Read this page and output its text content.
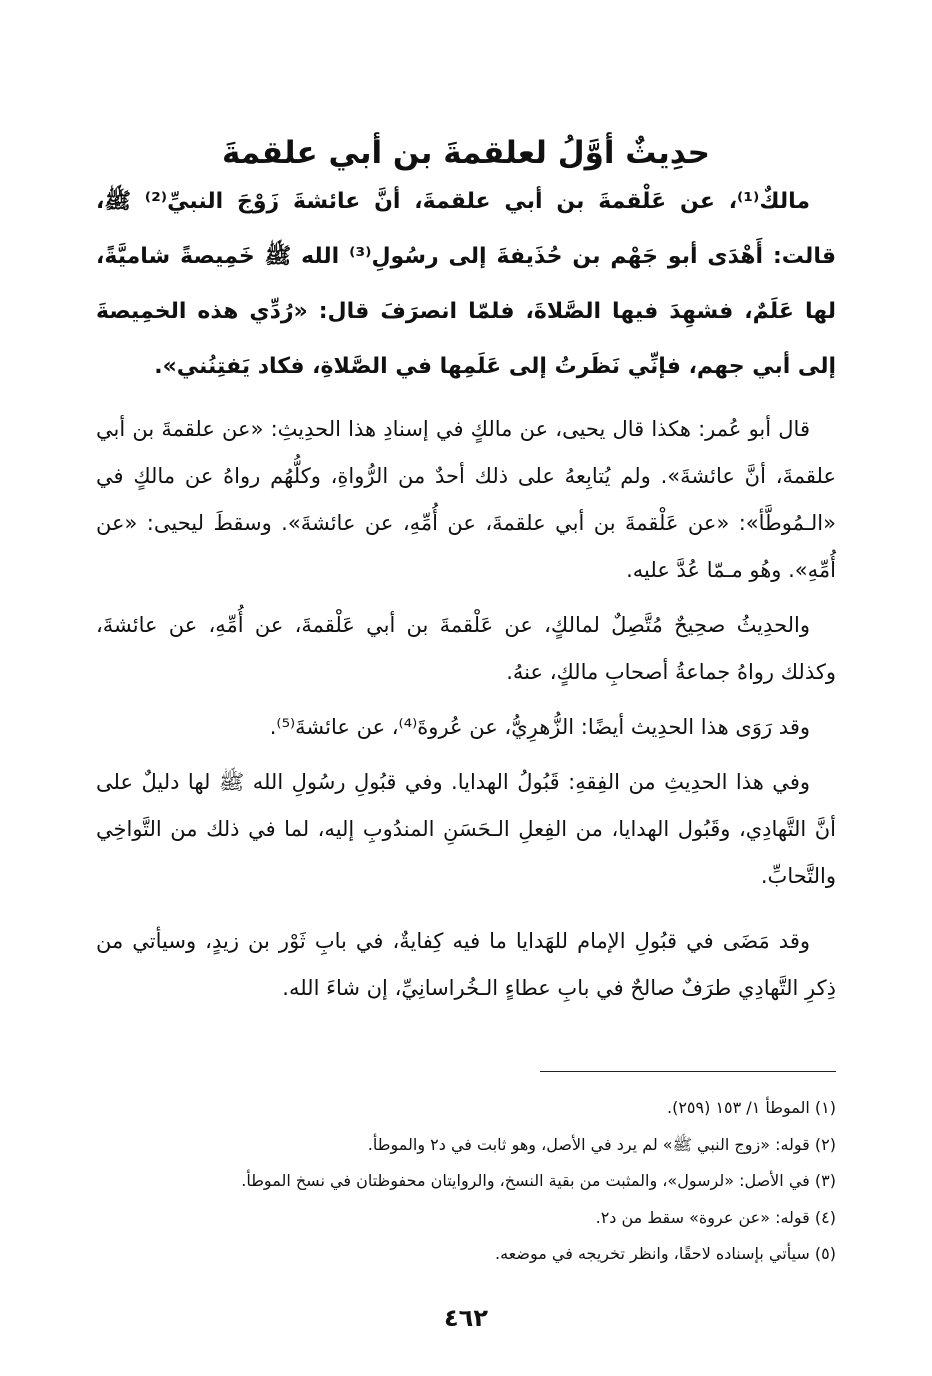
حدِيثٌ أوَّلُ لعلقمةَ بن أبي علقمةَ

مالكٌ⁽¹⁾، عن عَلْقمةَ بن أبي علقمةَ، أنَّ عائشةَ زَوْجَ النبيِّ⁽²⁾ ﷺ، قالت: أَهْدَى أبو جَهْم بن حُذَيفةَ إلى رسُولِ⁽³⁾ الله ﷺ خَمِيصةً شاميَّةً، لها عَلَمٌ، فشهِدَ فيها الصَّلاةَ، فلمّا انصرَفَ قال: «رُدِّي هذه الخمِيصةَ إلى أبي جهم، فإنِّي نَظَرتُ إلى عَلَمِها في الصَّلاةِ، فكاد يَفتِنُني».

قال أبو عُمر: هكذا قال يحيى، عن مالكٍ في إسنادِ هذا الحدِيثِ: «عن علقمةَ بن أبي علقمةَ، أنَّ عائشةَ». ولم يُتابِعهُ على ذلك أحدٌ من الرُّواةِ، وكلُّهُم رواهُ عن مالكٍ في «الـمُوطَّأ»: «عن عَلْقمةَ بن أبي علقمةَ، عن أُمِّهِ، عن عائشةَ». وسقطَ ليحيى: «عن أُمِّهِ». وهُو مـمّا عُدَّ عليه.

والحدِيثُ صحِيحٌ مُتَّصِلٌ لمالكٍ، عن عَلْقمةَ بن أبي عَلْقمةَ، عن أُمِّهِ، عن عائشةَ، وكذلك رواهُ جماعةُ أصحابِ مالكٍ، عنهُ.

وقد رَوَى هذا الحدِيث أيضًا: الزُّهرِيُّ، عن عُروةَ⁽⁴⁾، عن عائشةَ⁽⁵⁾.

وفي هذا الحدِيثِ من الفِقهِ: قَبُولُ الهدايا. وفي قبُولِ رسُولِ الله ﷺ لها دليلٌ على أنَّ التَّهادِي، وقَبُول الهدايا، من الفِعلِ الـحَسَنِ المندُوبِ إليه، لما في ذلك من التَّواخِي والتَّحابِّ.

وقد مَضَى في قبُولِ الإمام للهَدايا ما فيه كِفايةٌ، في بابِ ثَوْر بن زيدٍ، وسيأتي من ذِكرِ التَّهادِي طرَفٌ صالحٌ في بابِ عطاءٍ الـخُراسانِيِّ، إن شاءَ الله.

(١) الموطأ ١/ ١٥٣ (٢٥٩).

(٢) قوله: «زوج النبي ﷺ» لم يرد في الأصل، وهو ثابت في د٢ والموطأ.

(٣) في الأصل: «لرسول»، والمثبت من بقية النسخ، والروايتان محفوظتان في نسخ الموطأ.

(٤) قوله: «عن عروة» سقط من د٢.

(٥) سيأتي بإسناده لاحقًا، وانظر تخريجه في موضعه.

٤٦٢
